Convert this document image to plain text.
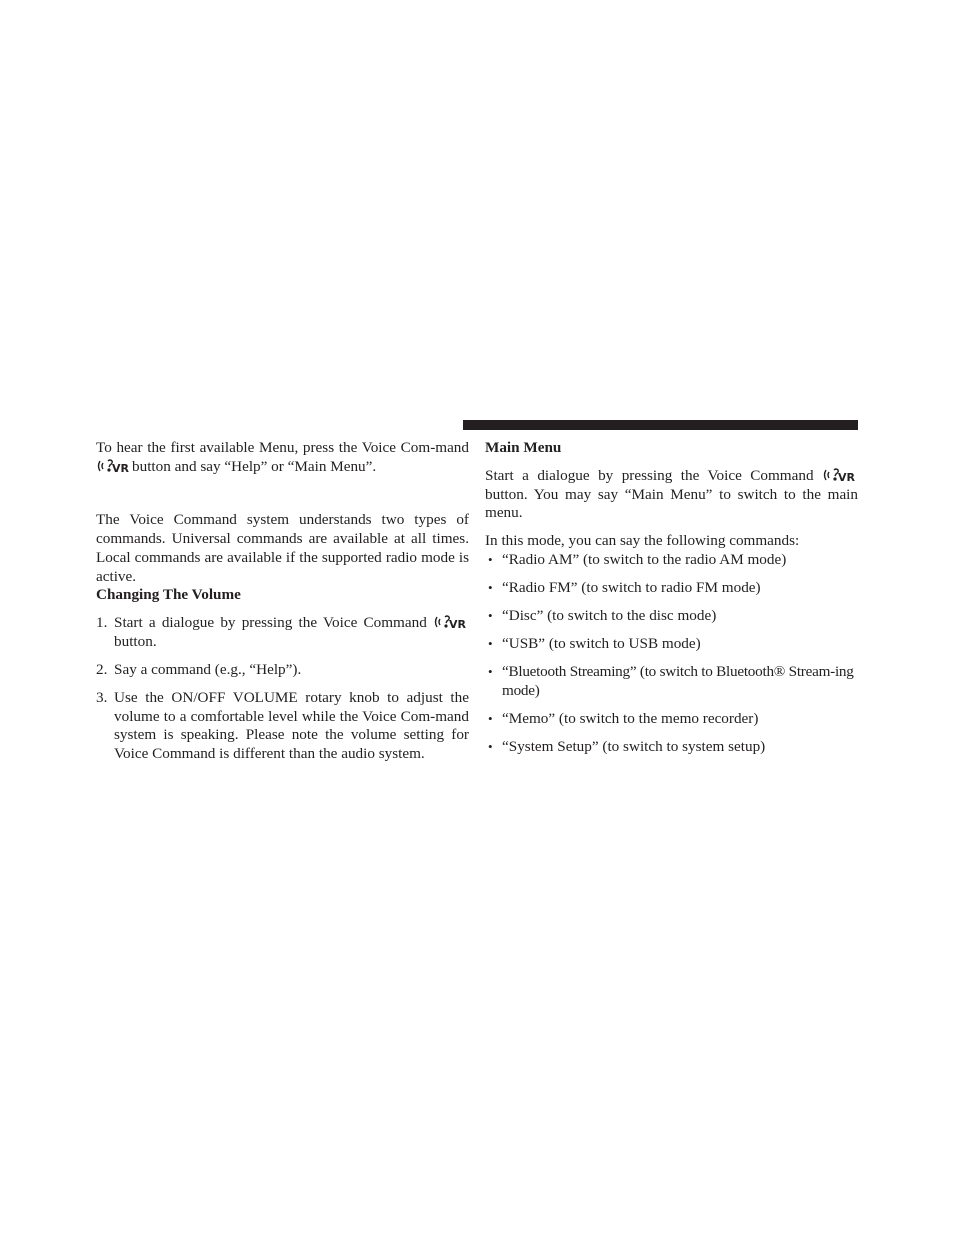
To hear the first available Menu, press the Voice Com-mand
VR button and say “Help” or “Main Menu”.

The Voice Command system understands two types of commands. Universal commands are available at all times. Local commands are available if the supported radio mode is active.

Changing The Volume

1. Start a dialogue by pressing the Voice Command VR
button.
2. Say a command (e.g., “Help”).
3. Use the ON/OFF VOLUME rotary knob to adjust the volume to a comfortable level while the Voice Com-mand system is speaking. Please note the volume setting for Voice Command is different than the audio system.

Main Menu

Start a dialogue by pressing the Voice Command VR
button. You may say “Main Menu” to switch to the main menu.

In this mode, you can say the following commands:

• “Radio AM” (to switch to the radio AM mode)
• “Radio FM” (to switch to radio FM mode)
• “Disc” (to switch to the disc mode)
• “USB” (to switch to USB mode)
• “Bluetooth Streaming” (to switch to Bluetooth® Stream-ing mode)
• “Memo” (to switch to the memo recorder)
• “System Setup” (to switch to system setup)
